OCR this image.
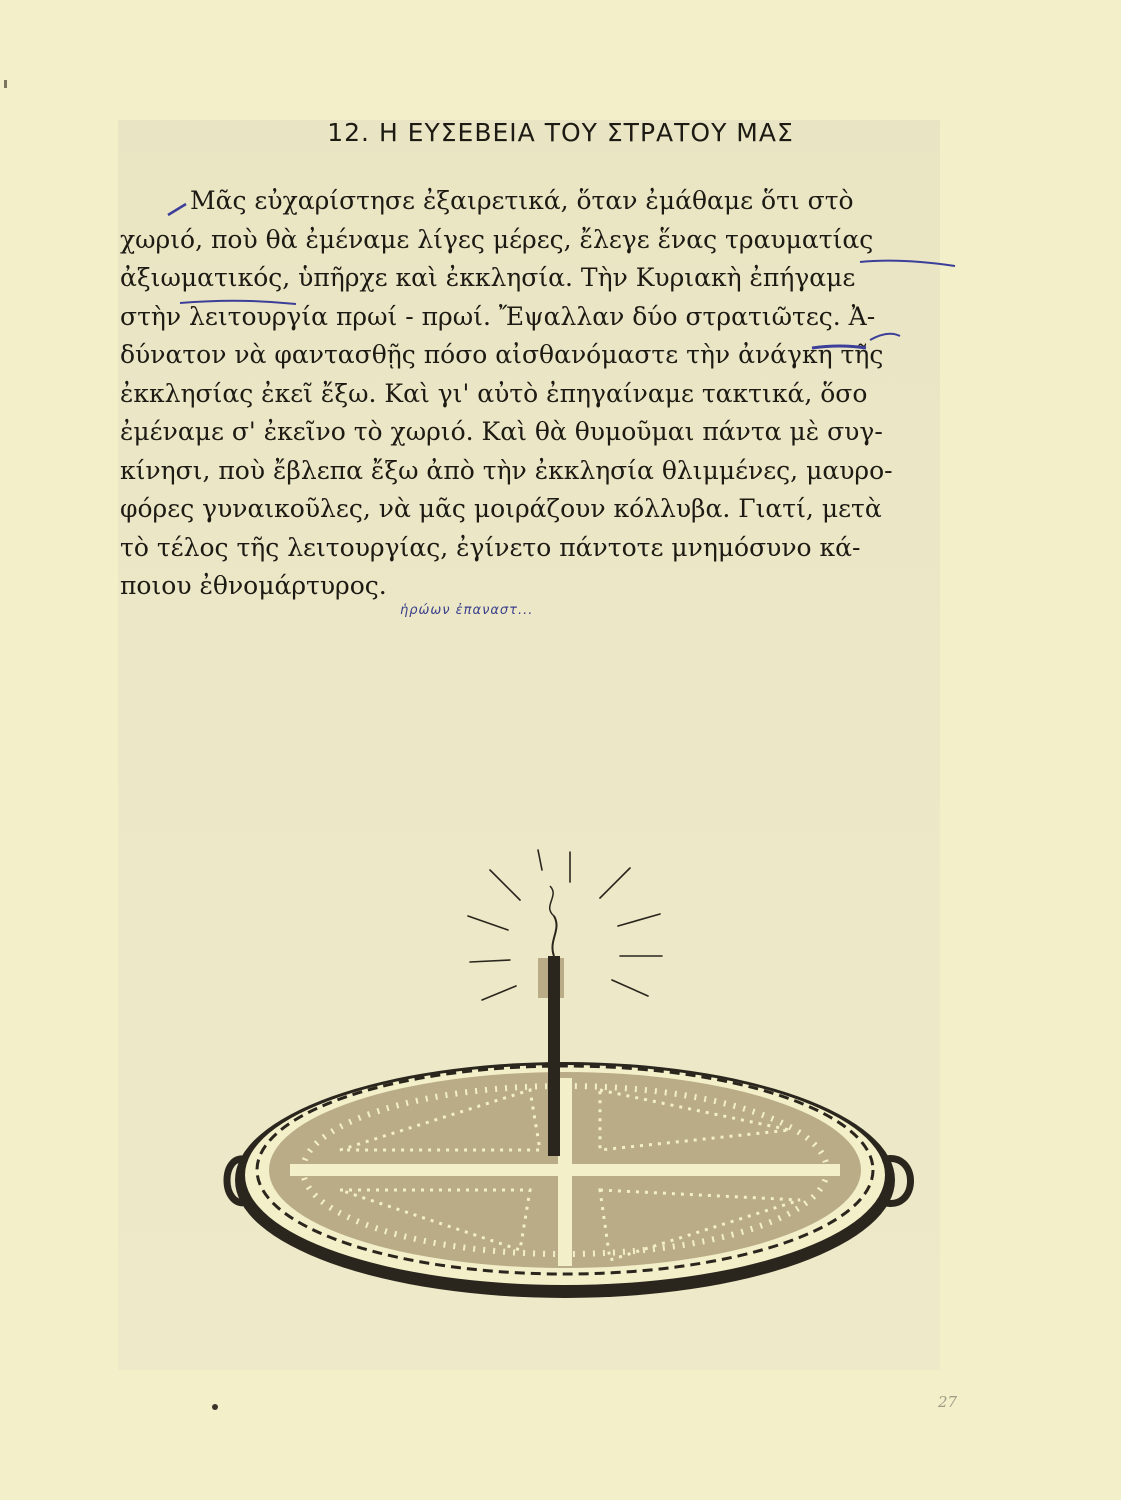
12. Η ΕΥΣΕΒΕΙΑ ΤΟΥ ΣΤΡΑΤΟΥ ΜΑΣ
Μᾶς εὐχαρίστησε ἐξαιρετικά, ὅταν ἐμάθαμε ὅτι στὸ
χωριό, ποὺ θὰ ἐμέναμε λίγες μέρες, ἔλεγε ἕνας τραυματίας
ἀξιωματικός, ὑπῆρχε καὶ ἐκκλησία. Τὴν Κυριακὴ ἐπήγαμε
στὴν λειτουργία πρωί - πρωί. Ἔψαλλαν δύο στρατιῶτες. Ἀ-
δύνατον νὰ φαντασθῇς πόσο αἰσθανόμαστε τὴν ἀνάγκη τῆς
ἐκκλησίας ἐκεῖ ἔξω. Καὶ γι' αὐτὸ ἐπηγαίναμε τακτικά, ὅσο
ἐμέναμε σ' ἐκεῖνο τὸ χωριό. Καὶ θὰ θυμοῦμαι πάντα μὲ συγ-
κίνησι, ποὺ ἔβλεπα ἔξω ἀπὸ τὴν ἐκκλησία θλιμμένες, μαυρο-
φόρες γυναικοῦλες, νὰ μᾶς μοιράζουν κόλλυβα. Γιατί, μετὰ
τὸ τέλος τῆς λειτουργίας, ἐγίνετο πάντοτε μνημόσυνο κά-
ποιου ἐθνομάρτυρος.
ἡρώων ἐπαναστ...
27
